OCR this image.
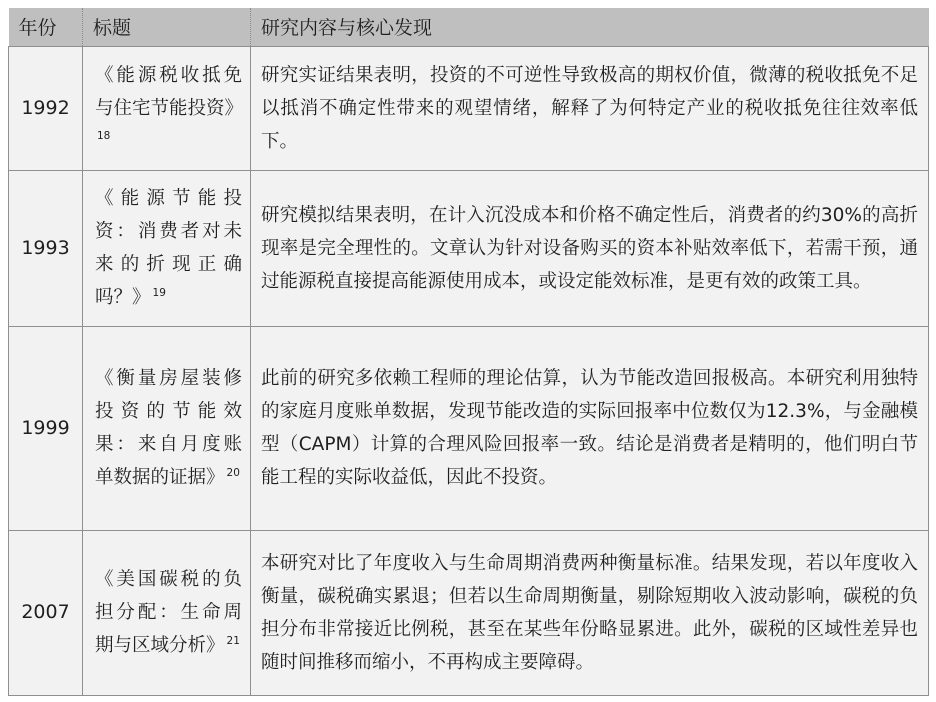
年份	标题	研究内容与核心发现
1992	《能源税收抵免与住宅节能投资》$^{18}$	研究实证结果表明，投资的不可逆性导致极高的期权价值，微薄的税收抵免不足以抵消不确定性带来的观望情绪，解释了为何特定产业的税收抵免往往效率低下。
1993	《能源节能投资：消费者对未来的折现正确吗？》 $^{19}$	研究模拟结果表明，在计入沉没成本和价格不确定性后，消费者的约30%的高折现率是完全理性的。文章认为针对设备购买的资本补贴效率低下，若需干预，通过能源税直接提高能源使用成本，或设定能效标准，是更有效的政策工具。
1999	《衡量房屋装修投资的节能效果：来自月度账单数据的证据》 $^{20}$	此前的研究多依赖工程师的理论估算，认为节能改造回报极高。本研究利用独特的家庭月度账单数据，发现节能改造的实际回报率中位数仅为12.3%，与金融模型（CAPM）计算的合理风险回报率一致。结论是消费者是精明的，他们明白节能工程的实际收益低，因此不投资。
2007	《美国碳税的负担分配：生命周期与区域分析》 $^{21}$	本研究对比了年度收入与生命周期消费两种衡量标准。结果发现，若以年度收入衡量，碳税确实累退；但若以生命周期衡量，剔除短期收入波动影响，碳税的负担分布非常接近比例税，甚至在某些年份略显累进。此外，碳税的区域性差异也随时间推移而缩小，不再构成主要障碍。
